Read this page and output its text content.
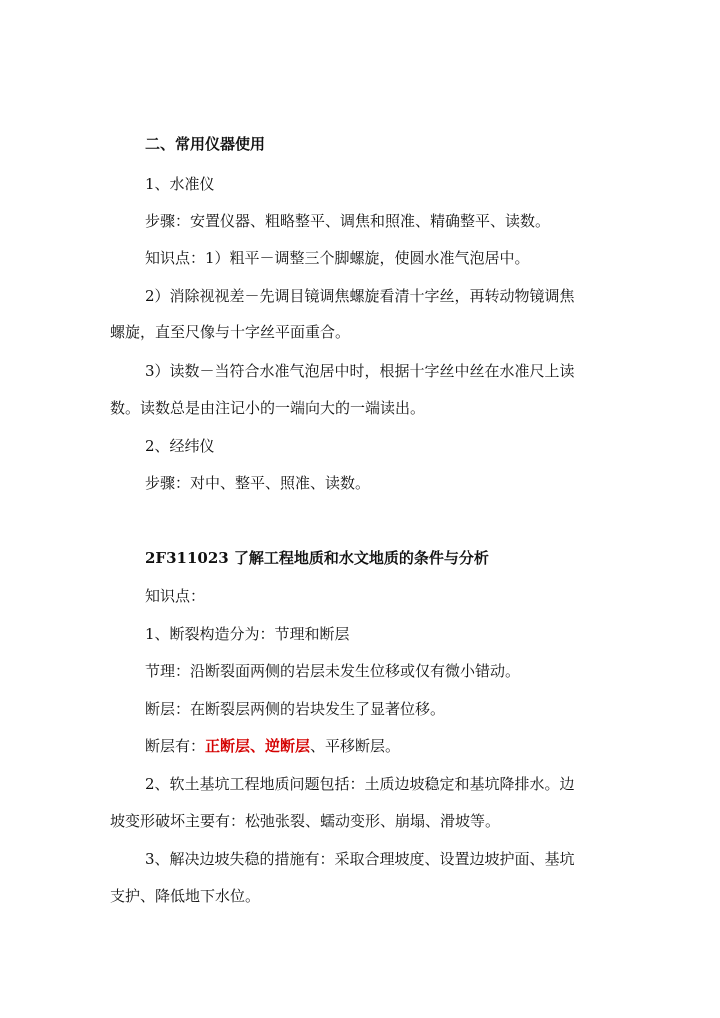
二、常用仪器使用
1、水准仪
步骤：安置仪器、粗略整平、调焦和照准、精确整平、读数。
知识点：1）粗平－调整三个脚螺旋，使圆水准气泡居中。
2）消除视视差－先调目镜调焦螺旋看清十字丝，再转动物镜调焦
螺旋，直至尺像与十字丝平面重合。
3）读数－当符合水准气泡居中时，根据十字丝中丝在水准尺上读
数。读数总是由注记小的一端向大的一端读出。
2、经纬仪
步骤：对中、整平、照准、读数。
2F311023 了解工程地质和水文地质的条件与分析
知识点：
1、断裂构造分为：节理和断层
节理：沿断裂面两侧的岩层未发生位移或仅有微小错动。
断层：在断裂层两侧的岩块发生了显著位移。
断层有：正断层、逆断层、平移断层。
2、软土基坑工程地质问题包括：土质边坡稳定和基坑降排水。边
坡变形破坏主要有：松弛张裂、蠕动变形、崩塌、滑坡等。
3、解决边坡失稳的措施有：采取合理坡度、设置边坡护面、基坑
支护、降低地下水位。
